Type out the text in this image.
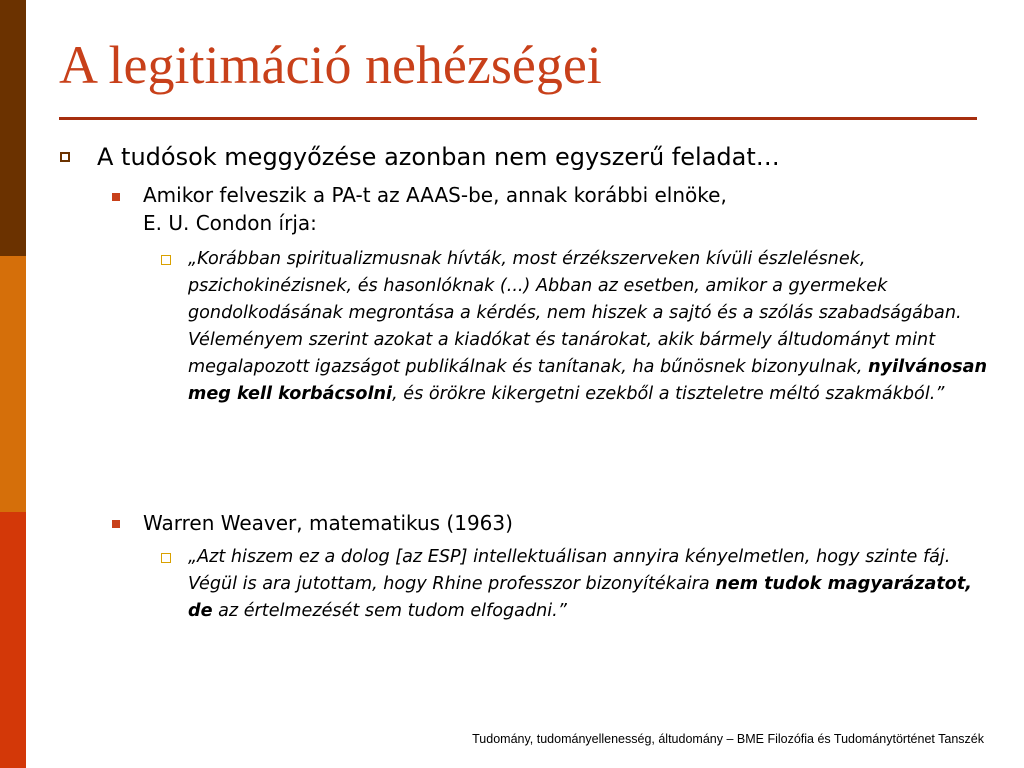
A legitimáció nehézségei
A tudósok meggyőzése azonban nem egyszerű feladat…
Amikor felveszik a PA-t az AAAS-be, annak korábbi elnöke,
E. U. Condon írja:
„Korábban spiritualizmusnak hívták, most érzékszerveken kívüli észlelésnek, pszichokinézisnek, és hasonlóknak (...) Abban az esetben, amikor a gyermekek gondolkodásának megrontása a kérdés, nem hiszek a sajtó és a szólás szabadságában. Véleményem szerint azokat a kiadókat és tanárokat, akik bármely áltudományt mint megalapozott igazságot publikálnak és tanítanak, ha bűnösnek bizonyulnak, nyilvánosan meg kell korbácsolni, és örökre kikergetni ezekből a tiszteletre méltó szakmákból.”
Warren Weaver, matematikus (1963)
„Azt hiszem ez a dolog [az ESP] intellektuálisan annyira kényelmetlen, hogy szinte fáj. Végül is ara jutottam, hogy Rhine professzor bizonyítékaira nem tudok magyarázatot, de az értelmezését sem tudom elfogadni.”
Tudomány, tudományellenesség, áltudomány – BME Filozófia és Tudománytörténet Tanszék
